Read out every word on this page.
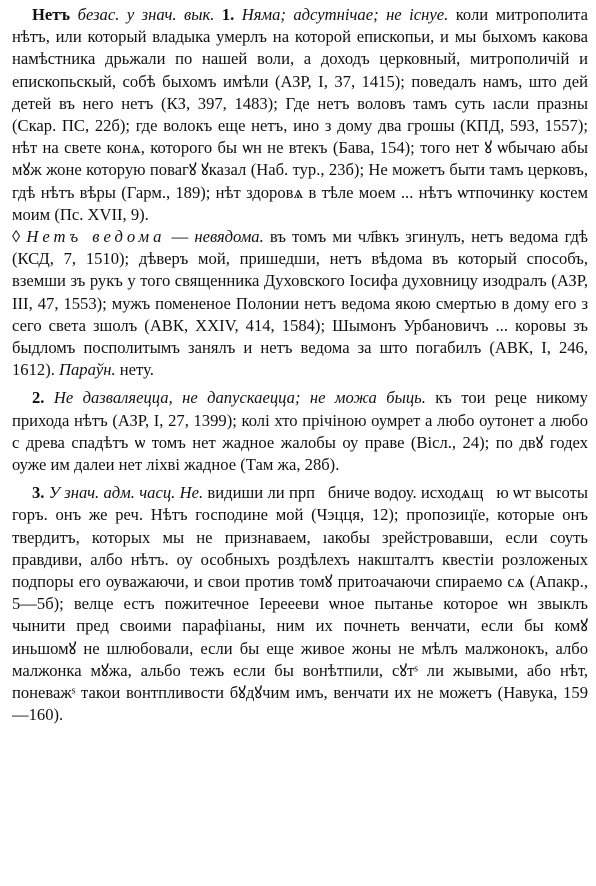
Нетъ безас. у знач. вык. 1. Няма; адсутнічае; не існуе. коли митрополита нѣтъ, или который владыка умерлъ на которой епископьи, и мы быхомъ какова намѣстника дрьжали по нашей воли, а доходъ церковный, митрополичій и епископьскый, собѣ быхомъ имѣли (АЗР, I, 37, 1415); поведалъ намъ, што дей детей въ него нетъ (КЗ, 397, 1483); Где нетъ воловъ тамъ суть ıасли празны (Скар. ПС, 22б); где волокъ еще нетъ, ино з дому два грошы (КПД, 593, 1557); нѣт на свете конѧ, которого бы ѡн не втекъ (Бава, 154); того нет ꙋ ѡбычаю абы мꙋж жоне которую повагꙋ ꙋказал (Наб. тур., 23б); Не можетъ быти тамъ церковъ, гдѣ нѣтъ вѣры (Гарм., 189); нѣт здоровѧ в тѣле моем ... нѣтъ ѡтпочинку костем моим (Пс. XVII, 9).

◊ Нетъ ведома — невядома. въ томъ ми чл҃вкъ згинулъ, нетъ ведома гдѣ (КСД, 7, 1510); дѣверъ мой, пришедши, нетъ вѣдома въ который способъ, вземши зъ рукъ у того священника Духовского Іосифа духовницу изодралъ (АЗР, III, 47, 1553); мужъ помененое Полонии нетъ ведома якою смертью в дому его з сего света зшолъ (АВК, XXIV, 414, 1584); Шымонъ Урбановичъ ... коровы зъ быдломъ посполитымъ занялъ и нетъ ведома за што погабилъ (АВК, I, 246, 1612). Параўн. нету.

2. Не дазваляецца, не дапускаецца; не можа быць. къ тои реце никому прихода нѣтъ (АЗР, I, 27, 1399); колі хто прічіною оумрет а любо оутонет а любо с древа спадѣтъ ѡ томъ нет жадное жалобы оу праве (Вісл., 24); по двꙋ годех оуже им далеи нет ліхві жадное (Там жа, 28б).

3. У знач. адм. часц. Не. видиши ли прпⷣбниче водоу. исходѧщꙋю ѡт высоты горъ. онъ же реч. Нѣтъ господине мой (Чэцця, 12); пропозицïе, которые онъ твердитъ, которых мы не признаваем, ıакобы зрейстровавши, если соуть правдиви, албо нѣтъ. оу особныхъ роздѣлехъ накшталтъ квестіи розложеных подпоры его оуважаючи, и свои против томꙋ притоачаючи спираемо сѧ (Апакр., 5—5б); велце естъ пожитечное Іереееви ѡное пытанье которое ѡн звыклъ чынити пред своими парафіıаны, ним их почнеть венчати, если бы комꙋ иньшомꙋ не шлюбовали, если бы еще живое жоны не мѣлъ малжонокъ, албо малжонка мꙋжа, альбо тежъ если бы вонѣтпили, сꙋтˢ ли жывыми, або нѣт, поневажˢ такои вонтпливости бꙋдꙋчим имъ, венчати их не можетъ (Навука, 159—160).
